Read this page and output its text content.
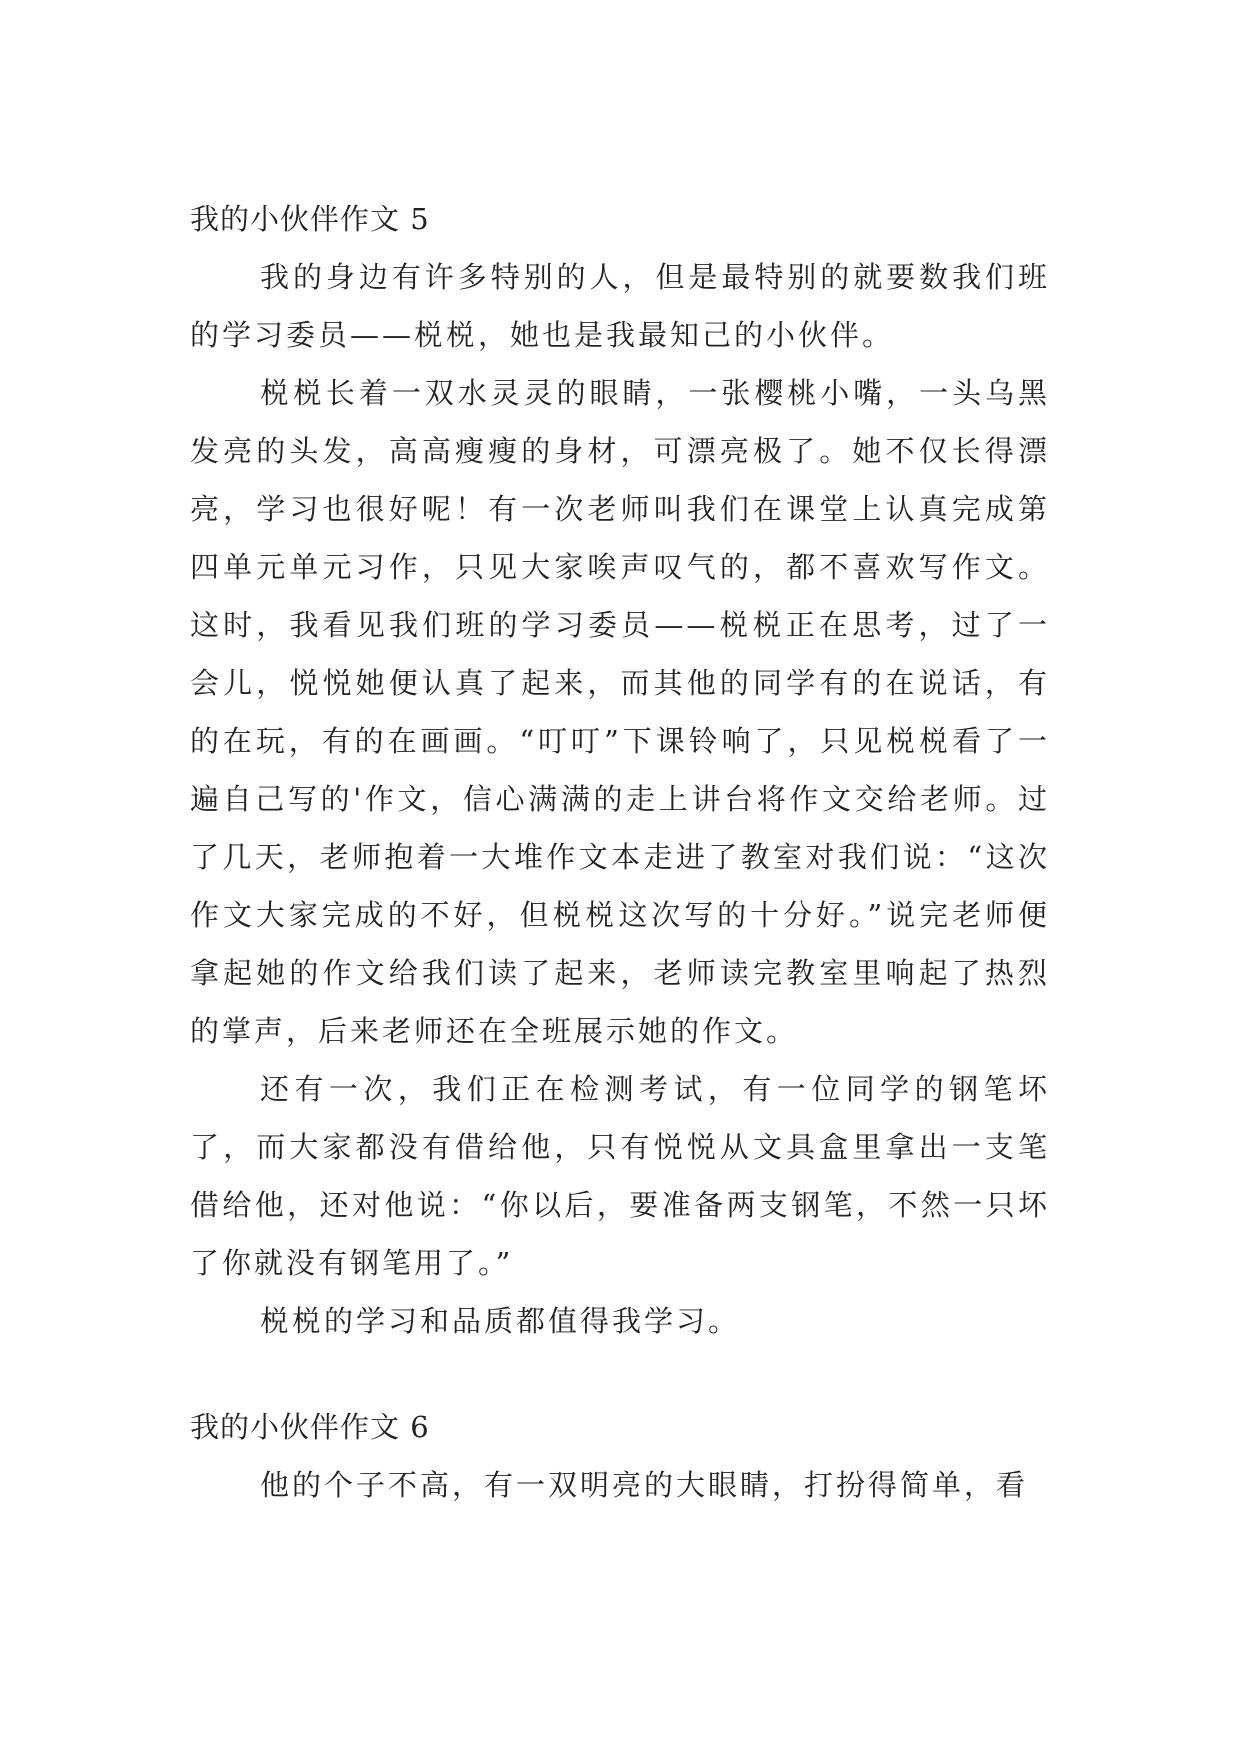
我的小伙伴作文 5

我的身边有许多特别的人，但是最特别的就要数我们班的学习委员——棁棁，她也是我最知己的小伙伴。

棁棁长着一双水灵灵的眼睛，一张樱桃小嘴，一头乌黑发亮的头发，高高瘦瘦的身材，可漂亮极了。她不仅长得漂亮，学习也很好呢！有一次老师叫我们在课堂上认真完成第四单元单元习作，只见大家唉声叹气的，都不喜欢写作文。这时，我看见我们班的学习委员——棁棁正在思考，过了一会儿，悦悦她便认真了起来，而其他的同学有的在说话，有的在玩，有的在画画。“叮叮”下课铃响了，只见棁棁看了一遍自己写的'作文，信心满满的走上讲台将作文交给老师。过了几天，老师抱着一大堆作文本走进了教室对我们说：“这次作文大家完成的不好，但棁棁这次写的十分好。”说完老师便拿起她的作文给我们读了起来，老师读完教室里响起了热烈的掌声，后来老师还在全班展示她的作文。

还有一次，我们正在检测考试，有一位同学的钢笔坏了，而大家都没有借给他，只有悦悦从文具盒里拿出一支笔借给他，还对他说：“你以后，要准备两支钢笔，不然一只坏了你就没有钢笔用了。”

棁棁的学习和品质都值得我学习。

我的小伙伴作文 6

他的个子不高，有一双明亮的大眼睛，打扮得简单，看
